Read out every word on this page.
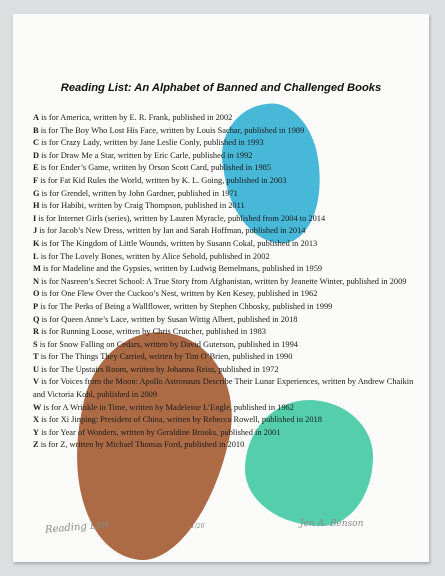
Reading List: An Alphabet of Banned and Challenged Books
A is for America, written by E. R. Frank, published in 2002
B is for The Boy Who Lost His Face, written by Louis Sachar, published in 1989
C is for Crazy Lady, written by Jane Leslie Conly, published in 1993
D is for Draw Me a Star, written by Eric Carle, published in 1992
E is for Ender’s Game, written by Orson Scott Card, published in 1985
F is for Fat Kid Rules the World, written by K. L. Going, published in 2003
G is for Grendel, written by John Gardner, published in 1971
H is for Habibi, written by Craig Thompson, published in 2011
I is for Internet Girls (series), written by Lauren Myracle, published from 2004 to 2014
J is for Jacob’s New Dress, written by Ian and Sarah Hoffman, published in 2014
K is for The Kingdom of Little Wounds, written by Susann Cokal, published in 2013
L is for The Lovely Bones, written by Alice Sebold, published in 2002
M is for Madeline and the Gypsies, written by Ludwig Bemelmans, published in 1959
N is for Nasreen’s Secret School: A True Story from Afghanistan, written by Jeanette Winter, published in 2009
O is for One Flew Over the Cuckoo’s Nest, written by Ken Kesey, published in 1962
P is for The Perks of Being a Wallflower, written by Stephen Chbosky, published in 1999
Q is for Queen Anne’s Lace, written by Susan Wittig Albert, published in 2018
R is for Running Loose, written by Chris Crutcher, published in 1983
S is for Snow Falling on Cedars, written by David Guterson, published in 1994
T is for The Things They Carried, written by Tim O’Brien, published in 1990
U is for The Upstairs Room, written by Johanna Reiss, published in 1972
V is for Voices from the Moon: Apollo Astronauts Describe Their Lunar Experiences, written by Andrew Chaikin and Victoria Kohl, published in 2009
W is for A Wrinkle in Time, written by Madeleine L’Engle, published in 1962
X is for Xi Jinping: President of China, written by Rebecca Rowell, published in 2018
Y is for Year of Wonders, written by Geraldine Brooks, published in 2001
Z is for Z, written by Michael Thomas Ford, published in 2010
Reading List	1/20	Jen A. Benson
